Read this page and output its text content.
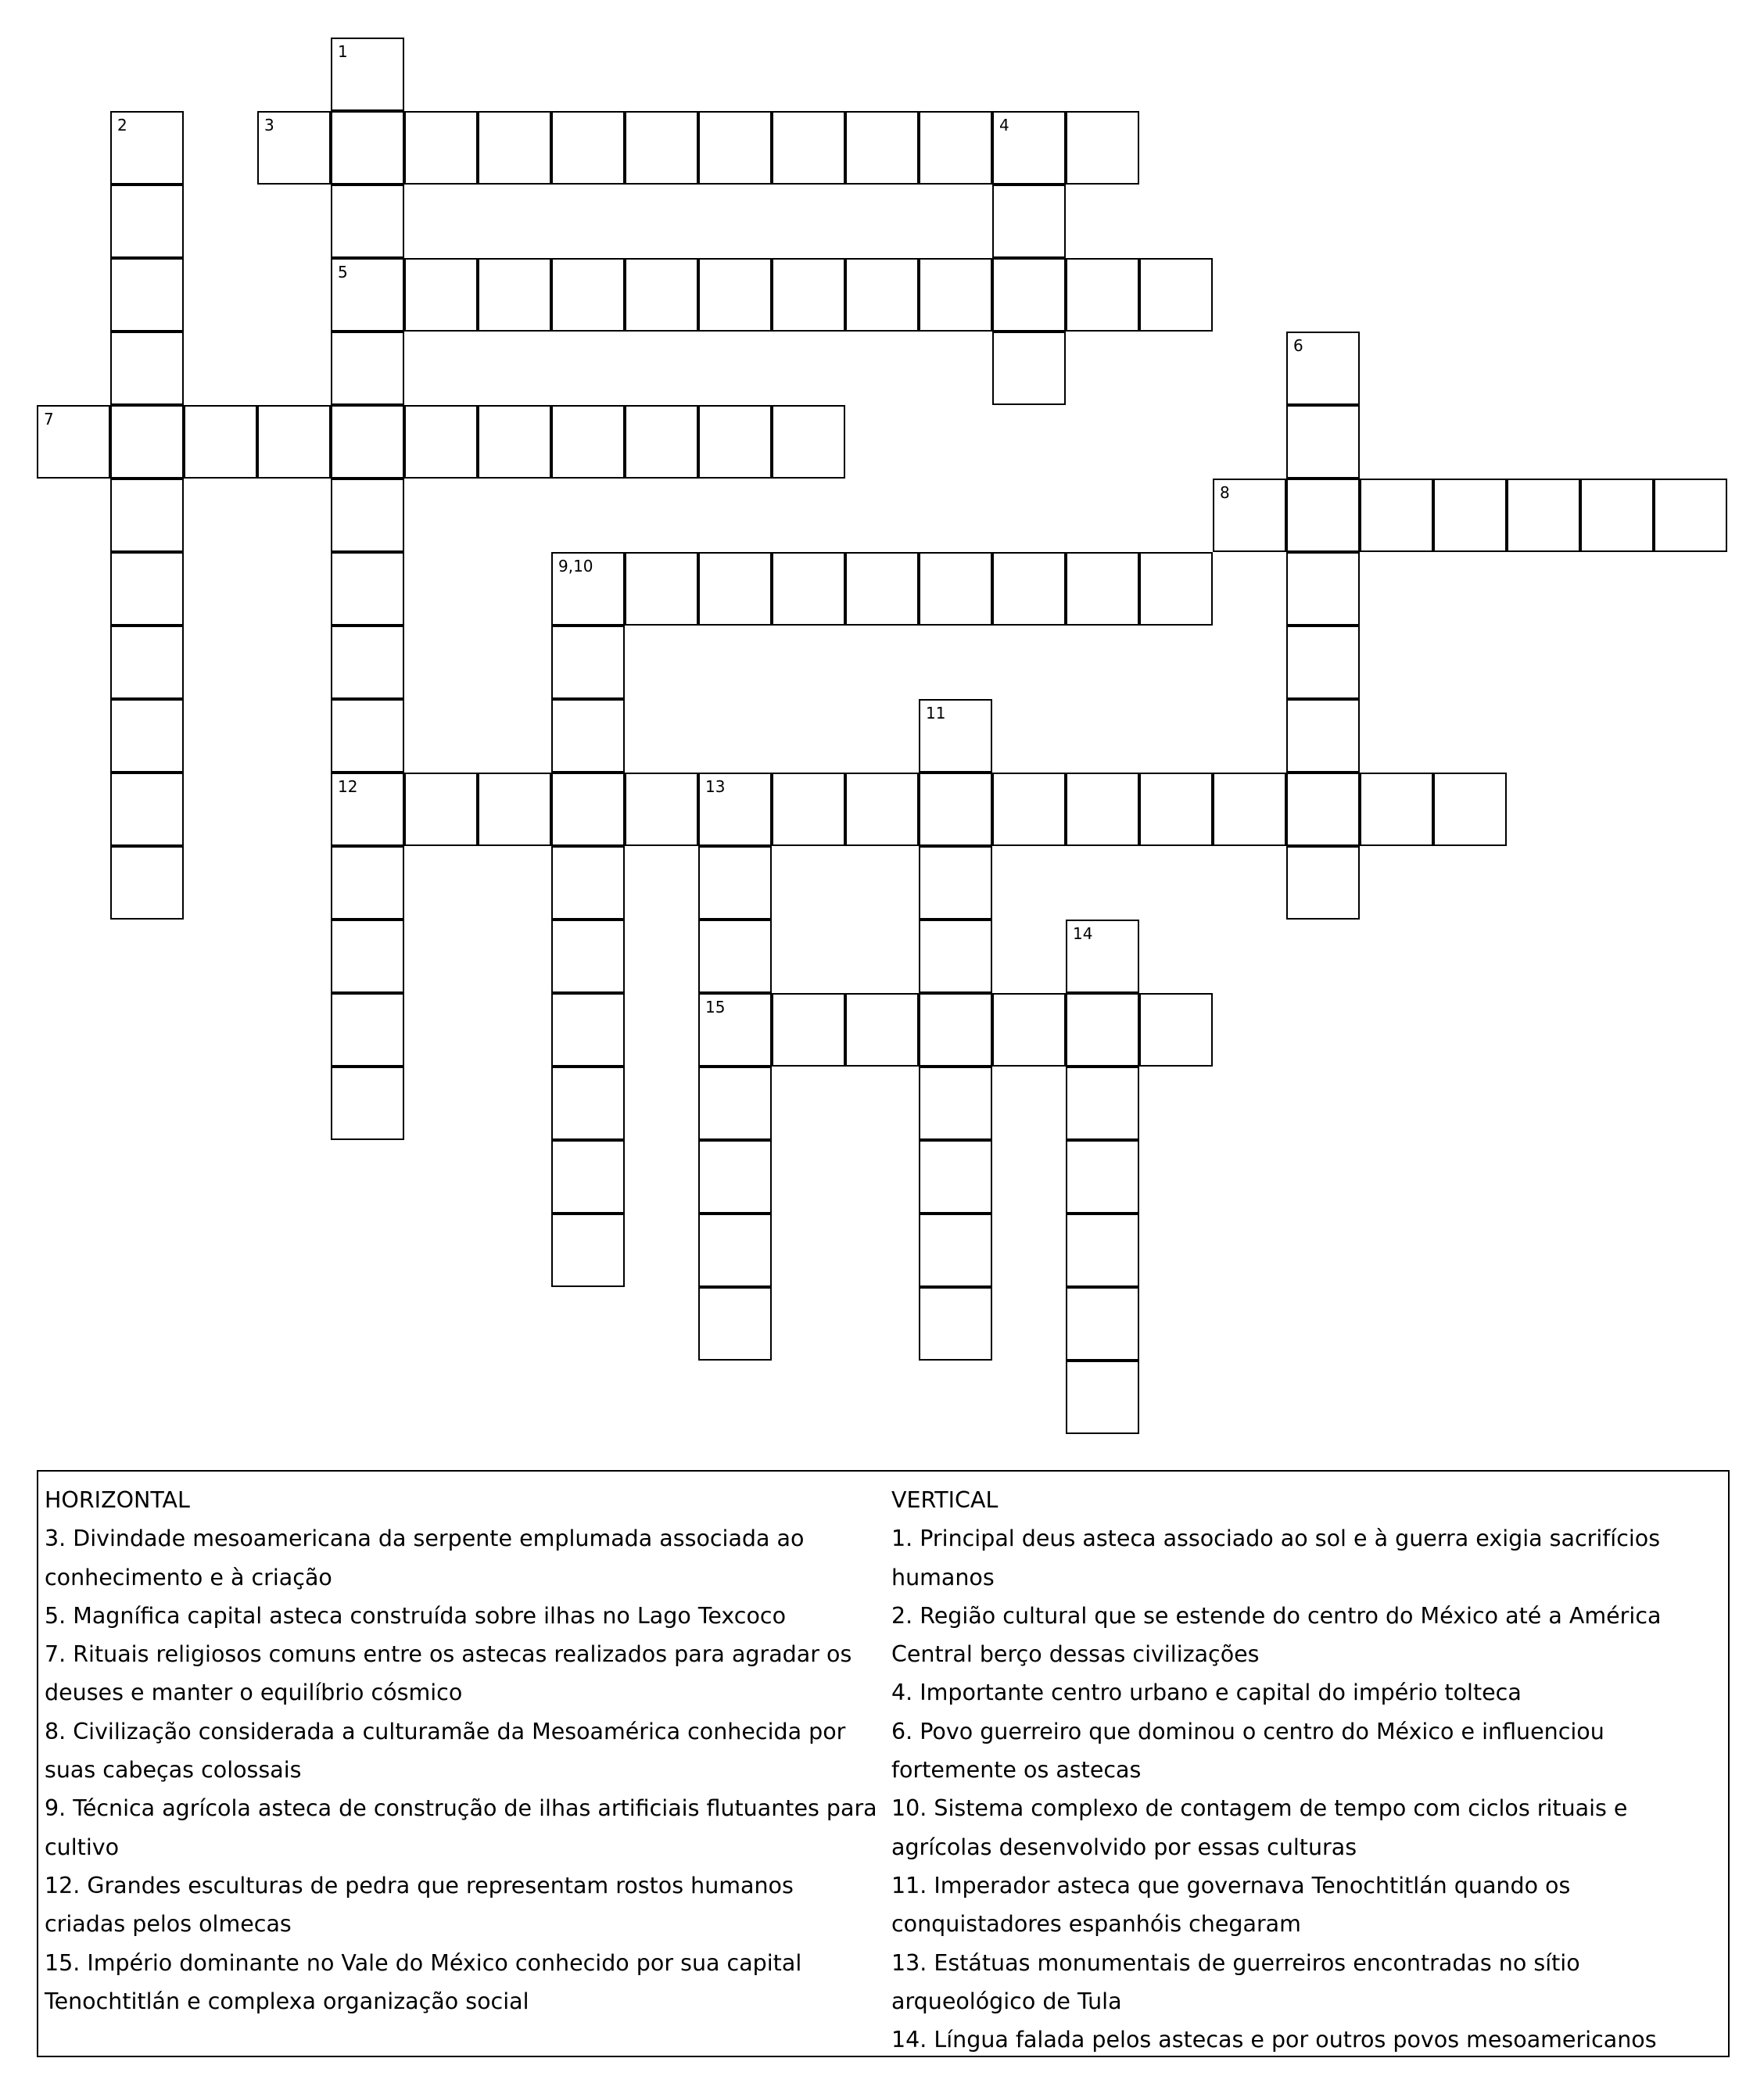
1
2	3	4
5
6
7
8
9,10
11
12	13
14
15

HORIZONTAL

3. Divindade mesoamericana da serpente emplumada associada ao conhecimento e à criação

5. Magnífica capital asteca construída sobre ilhas no Lago Texcoco

7. Rituais religiosos comuns entre os astecas realizados para agradar os deuses e manter o equilíbrio cósmico

8. Civilização considerada a culturamãe da Mesoamérica conhecida por suas cabeças colossais

9. Técnica agrícola asteca de construção de ilhas artificiais flutuantes para cultivo

12. Grandes esculturas de pedra que representam rostos humanos criadas pelos olmecas

15. Império dominante no Vale do México conhecido por sua capital Tenochtitlán e complexa organização social

VERTICAL

1. Principal deus asteca associado ao sol e à guerra exigia sacrifícios humanos

2. Região cultural que se estende do centro do México até a América Central berço dessas civilizações

4. Importante centro urbano e capital do império tolteca

6. Povo guerreiro que dominou o centro do México e influenciou fortemente os astecas

10. Sistema complexo de contagem de tempo com ciclos rituais e agrícolas desenvolvido por essas culturas

11. Imperador asteca que governava Tenochtitlán quando os conquistadores espanhóis chegaram

13. Estátuas monumentais de guerreiros encontradas no sítio arqueológico de Tula

14. Língua falada pelos astecas e por outros povos mesoamericanos
